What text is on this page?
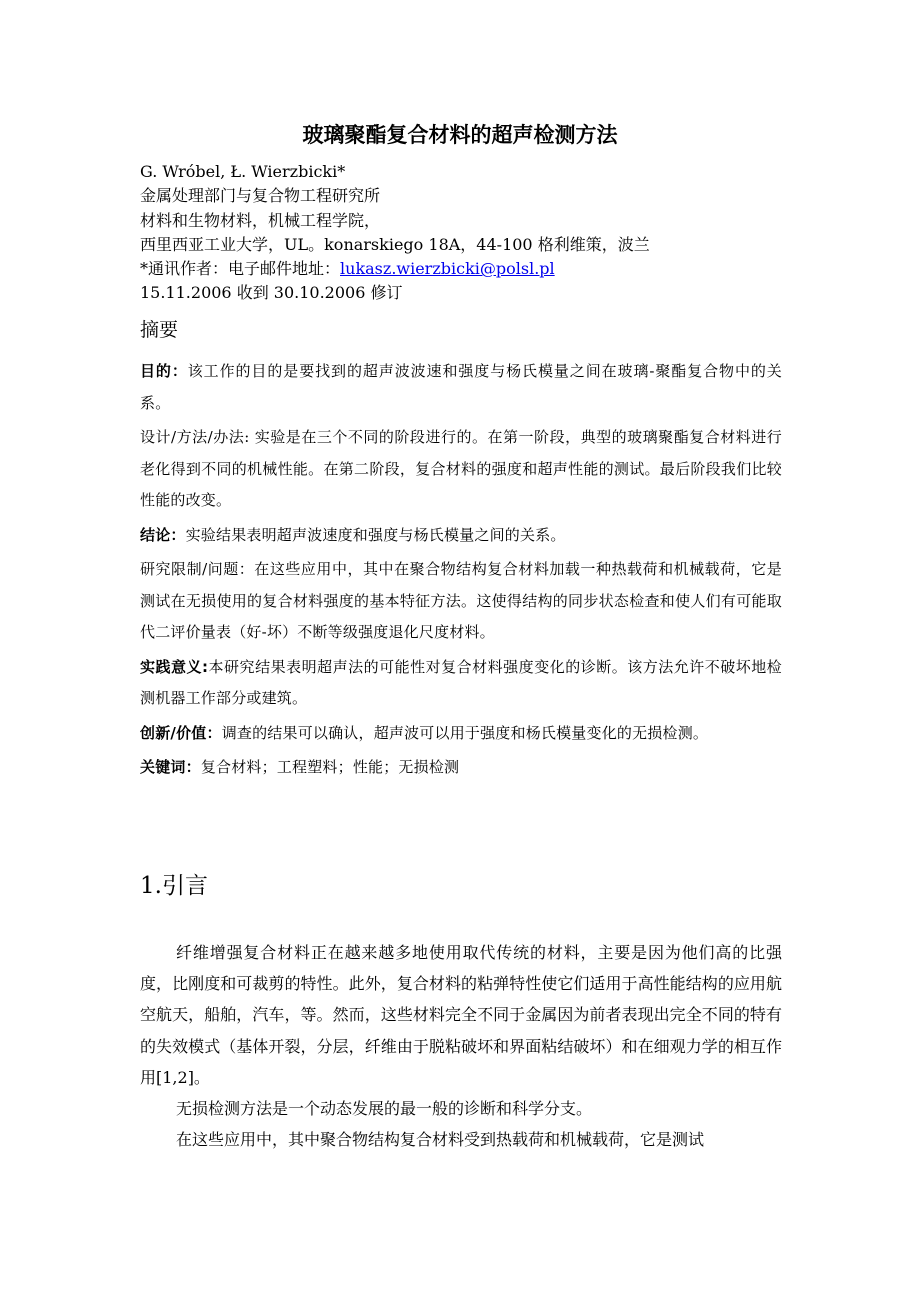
玻璃聚酯复合材料的超声检测方法
G. Wróbel, Ł. Wierzbicki*
金属处理部门与复合物工程研究所
材料和生物材料，机械工程学院，
西里西亚工业大学，UL。konarskiego 18A，44-100 格利维策，波兰
*通讯作者：电子邮件地址：lukasz.wierzbicki@polsl.pl
15.11.2006 收到 30.10.2006 修订
摘要

目的：该工作的目的是要找到的超声波波速和强度与杨氏模量之间在玻璃-聚酯复合物中的关系。

设计/方法/办法: 实验是在三个不同的阶段进行的。在第一阶段，典型的玻璃聚酯复合材料进行老化得到不同的机械性能。在第二阶段，复合材料的强度和超声性能的测试。最后阶段我们比较性能的改变。

结论：实验结果表明超声波速度和强度与杨氏模量之间的关系。

研究限制/问题：在这些应用中，其中在聚合物结构复合材料加载一种热载荷和机械载荷，它是测试在无损使用的复合材料强度的基本特征方法。这使得结构的同步状态检查和使人们有可能取代二评价量表（好-坏）不断等级强度退化尺度材料。

实践意义:本研究结果表明超声法的可能性对复合材料强度变化的诊断。该方法允许不破坏地检测机器工作部分或建筑。

创新/价值：调查的结果可以确认，超声波可以用于强度和杨氏模量变化的无损检测。

关键词：复合材料；工程塑料；性能；无损检测

1.引言

纤维增强复合材料正在越来越多地使用取代传统的材料，主要是因为他们高的比强度，比刚度和可裁剪的特性。此外，复合材料的粘弹特性使它们适用于高性能结构的应用航空航天，船舶，汽车，等。然而，这些材料完全不同于金属因为前者表现出完全不同的特有的失效模式（基体开裂，分层，纤维由于脱粘破坏和界面粘结破坏）和在细观力学的相互作用[1,2]。

无损检测方法是一个动态发展的最一般的诊断和科学分支。

在这些应用中，其中聚合物结构复合材料受到热载荷和机械载荷，它是测试
